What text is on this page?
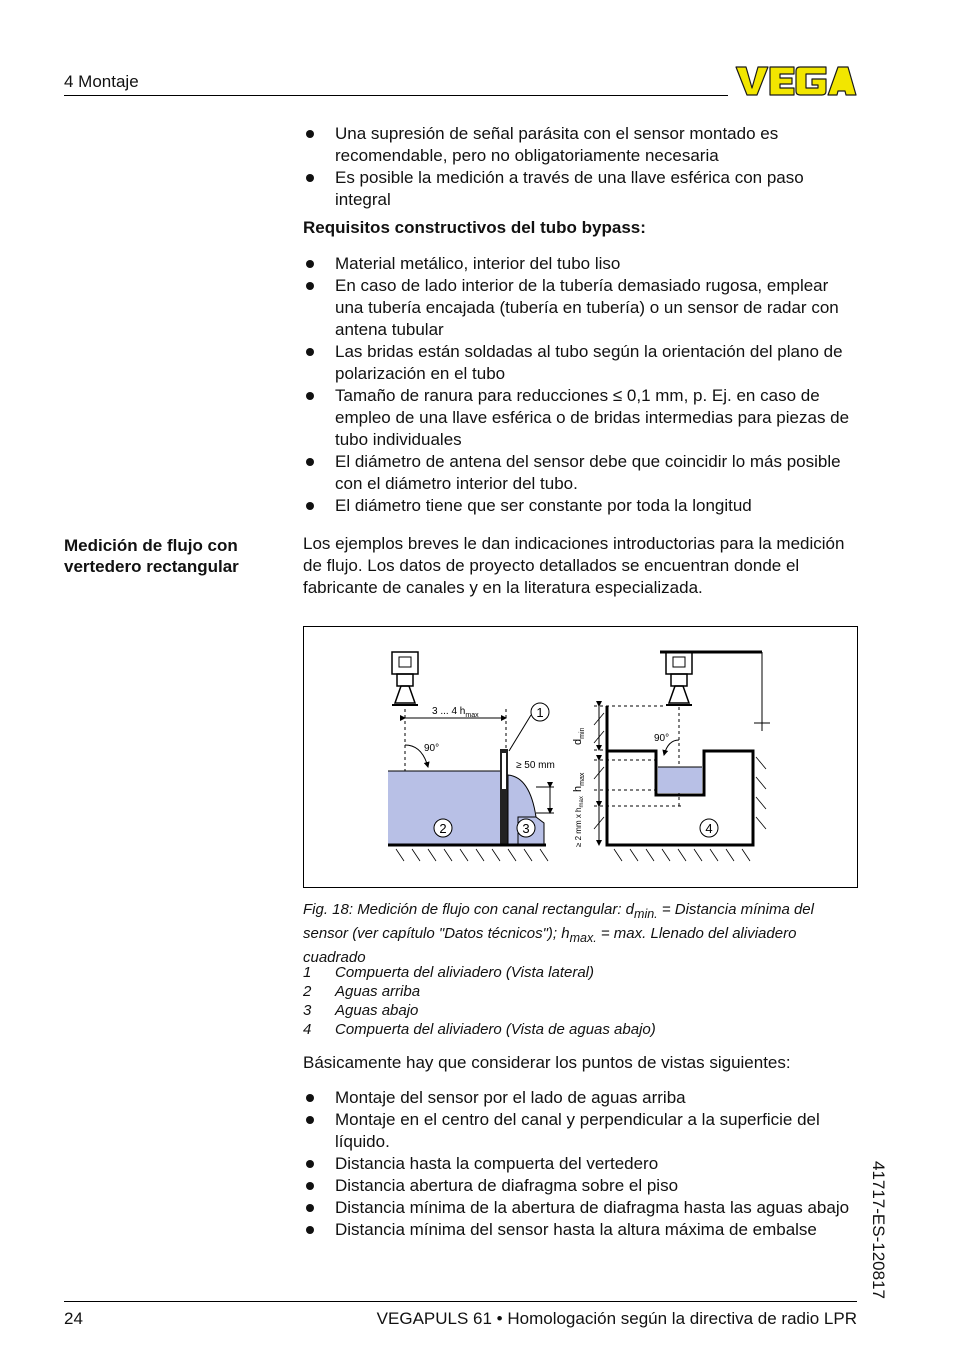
4 Montaje
Una supresión de señal parásita con el sensor montado es recomendable, pero no obligatoriamente necesaria
Es posible la medición a través de una llave esférica con paso integral
Requisitos constructivos del tubo bypass:
Material metálico, interior del tubo liso
En caso de lado interior de la tubería demasiado rugosa, emplear una tubería encajada (tubería en tubería) o un sensor de radar con antena tubular
Las bridas están soldadas al tubo según la orientación del plano de polarización en el tubo
Tamaño de ranura para reducciones ≤ 0,1 mm, p. Ej. en caso de empleo de una llave esférica o de bridas intermedias para piezas de tubo individuales
El diámetro de antena del sensor debe que coincidir lo más posible con el diámetro interior del tubo.
El diámetro tiene que ser constante por toda la longitud
Medición de flujo con vertedero rectangular
Los ejemplos breves le dan indicaciones introductorias para la medición de flujo. Los datos de proyecto detallados se encuentran donde el fabricante de canales y en la literatura especializada.
3 ... 4 $h_{max}$
90°
≥ 50 mm
1
2	3
90°
$d_{min}$
$h_{max}$
≥ 2 mm x $h_{max}$
4
Fig. 18: Medición de flujo con canal rectangular: $d_{min.}$ = Distancia mínima del sensor (ver capítulo "Datos técnicos"); $h_{max.} = \max$. Llenado del aliviadero cuadrado
1	Compuerta del aliviadero (Vista lateral)
2	Aguas arriba
3	Aguas abajo
4	Compuerta del aliviadero (Vista de aguas abajo)
Básicamente hay que considerar los puntos de vistas siguientes:
Montaje del sensor por el lado de aguas arriba
Montaje en el centro del canal y perpendicular a la superficie del líquido.
Distancia hasta la compuerta del vertedero
Distancia abertura de diafragma sobre el piso
Distancia mínima de la abertura de diafragma hasta las aguas abajo
Distancia mínima del sensor hasta la altura máxima de embalse	41717-ES-120817
24	VEGAPULS 61 • Homologación según la directiva de radio LPR
